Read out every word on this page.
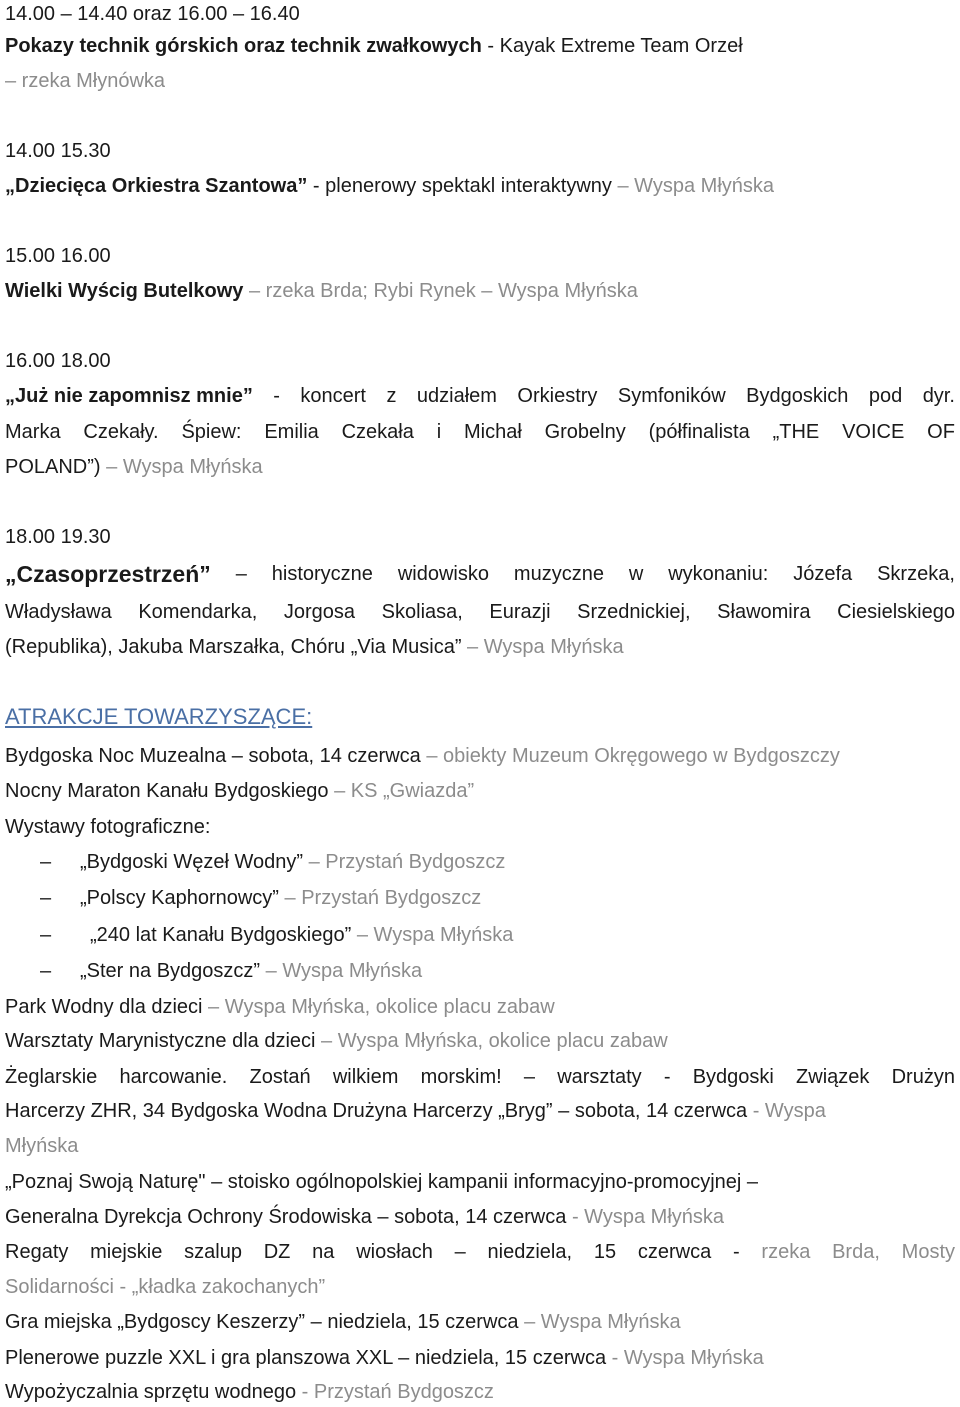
14.00 – 14.40 oraz 16.00 – 16.40
Pokazy technik górskich oraz technik zwałkowych - Kayak Extreme Team Orzeł
– rzeka Młynówka
14.00 15.30
„Dziecięca Orkiestra Szantowa” - plenerowy spektakl interaktywny – Wyspa Młyńska
15.00 16.00
Wielki Wyścig Butelkowy – rzeka Brda; Rybi Rynek – Wyspa Młyńska
16.00 18.00
„Już nie zapomnisz mnie” - koncert z udziałem Orkiestry Symfoników Bydgoskich pod dyr.
Marka Czekały. Śpiew: Emilia Czekała i Michał Grobelny (półfinalista „THE VOICE OF
POLAND”) – Wyspa Młyńska
18.00 19.30
„Czasoprzestrzeń” – historyczne widowisko muzyczne w wykonaniu: Józefa Skrzeka,
Władysława Komendarka, Jorgosa Skoliasa, Eurazji Srzednickiej, Sławomira Ciesielskiego
(Republika), Jakuba Marszałka, Chóru „Via Musica” – Wyspa Młyńska
ATRAKCJE TOWARZYSZĄCE:
Bydgoska Noc Muzealna – sobota, 14 czerwca – obiekty Muzeum Okręgowego w Bydgoszczy
Nocny Maraton Kanału Bydgoskiego – KS „Gwiazda”
Wystawy fotograficzne:
– „Bydgoski Węzeł Wodny” – Przystań Bydgoszcz
– „Polscy Kaphornowcy” – Przystań Bydgoszcz
– „240 lat Kanału Bydgoskiego” – Wyspa Młyńska
– „Ster na Bydgoszcz” – Wyspa Młyńska
Park Wodny dla dzieci – Wyspa Młyńska, okolice placu zabaw
Warsztaty Marynistyczne dla dzieci – Wyspa Młyńska, okolice placu zabaw
Żeglarskie harcowanie. Zostań wilkiem morskim! – warsztaty - Bydgoski Związek Drużyn
Harcerzy ZHR, 34 Bydgoska Wodna Drużyna Harcerzy „Bryg” – sobota, 14 czerwca - Wyspa
Młyńska
„Poznaj Swoją Naturę" – stoisko ogólnopolskiej kampanii informacyjno-promocyjnej –
Generalna Dyrekcja Ochrony Środowiska – sobota, 14 czerwca - Wyspa Młyńska
Regaty miejskie szalup DZ na wiosłach – niedziela, 15 czerwca - rzeka Brda, Mosty
Solidarności - „kładka zakochanych”
Gra miejska „Bydgoscy Keszerzy” – niedziela, 15 czerwca – Wyspa Młyńska
Plenerowe puzzle XXL i gra planszowa XXL – niedziela, 15 czerwca - Wyspa Młyńska
Wypożyczalnia sprzętu wodnego - Przystań Bydgoszcz
